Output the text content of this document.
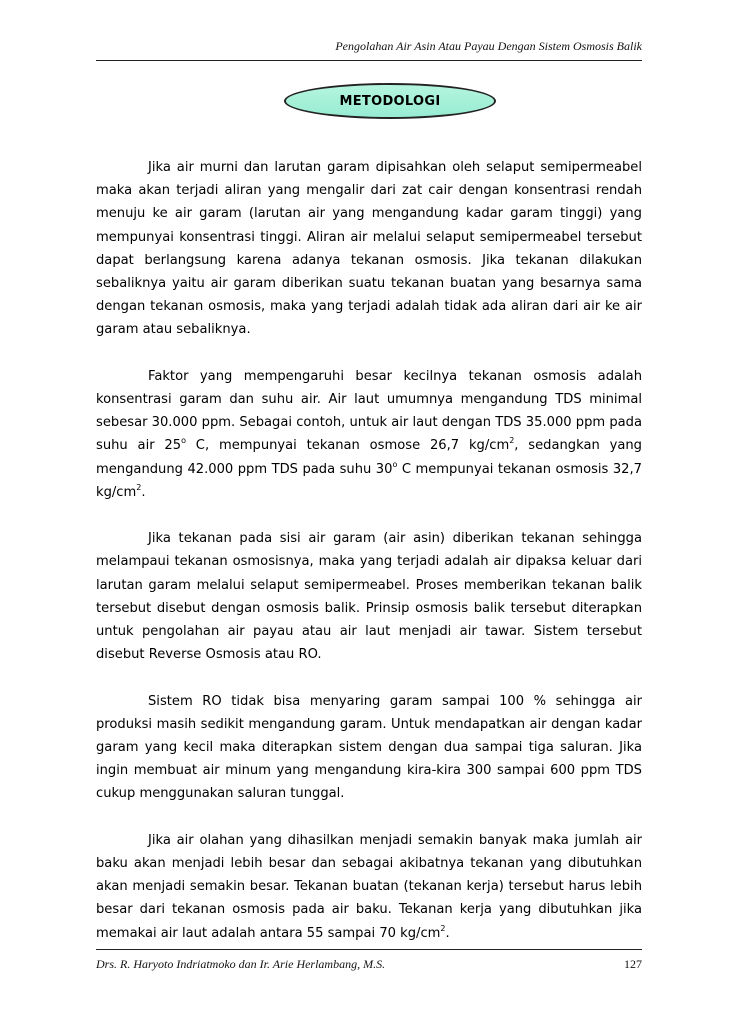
Pengolahan Air Asin Atau Payau Dengan Sistem Osmosis Balik
METODOLOGI

Jika air murni dan larutan garam dipisahkan oleh selaput semipermeabel maka akan terjadi aliran yang mengalir dari zat cair dengan konsentrasi rendah menuju ke air garam (larutan air yang mengandung kadar garam tinggi) yang mempunyai konsentrasi tinggi. Aliran air melalui selaput semipermeabel tersebut dapat berlangsung karena adanya tekanan osmosis. Jika tekanan dilakukan sebaliknya yaitu air garam diberikan suatu tekanan buatan yang besarnya sama dengan tekanan osmosis, maka yang terjadi adalah tidak ada aliran dari air ke air garam atau sebaliknya.

Faktor yang mempengaruhi besar kecilnya tekanan osmosis adalah konsentrasi garam dan suhu air. Air laut umumnya mengandung TDS minimal sebesar 30.000 ppm. Sebagai contoh, untuk air laut dengan TDS 35.000 ppm pada suhu air 25$^o$ C, mempunyai tekanan osmose 26,7 $kg/cm^2$, sedangkan yang mengandung 42.000 ppm TDS pada suhu 30$^o$ C mempunyai tekanan osmosis 32,7 $kg/cm^2$.

Jika tekanan pada sisi air garam (air asin) diberikan tekanan sehingga melampaui tekanan osmosisnya, maka yang terjadi adalah air dipaksa keluar dari larutan garam melalui selaput semipermeabel. Proses memberikan tekanan balik tersebut disebut dengan osmosis balik. Prinsip osmosis balik tersebut diterapkan untuk pengolahan air payau atau air laut menjadi air tawar. Sistem tersebut disebut Reverse Osmosis atau RO.

Sistem RO tidak bisa menyaring garam sampai 100 % sehingga air produksi masih sedikit mengandung garam. Untuk mendapatkan air dengan kadar garam yang kecil maka diterapkan sistem dengan dua sampai tiga saluran. Jika ingin membuat air minum yang mengandung kira-kira 300 sampai 600 ppm TDS cukup menggunakan saluran tunggal.

Jika air olahan yang dihasilkan menjadi semakin banyak maka jumlah air baku akan menjadi lebih besar dan sebagai akibatnya tekanan yang dibutuhkan akan menjadi semakin besar. Tekanan buatan (tekanan kerja) tersebut harus lebih besar dari tekanan osmosis pada air baku. Tekanan kerja yang dibutuhkan jika memakai air laut adalah antara 55 sampai 70 $kg/cm^2$.

Drs. R. Haryoto Indriatmoko dan Ir. Arie Herlambang, M.S.	127
